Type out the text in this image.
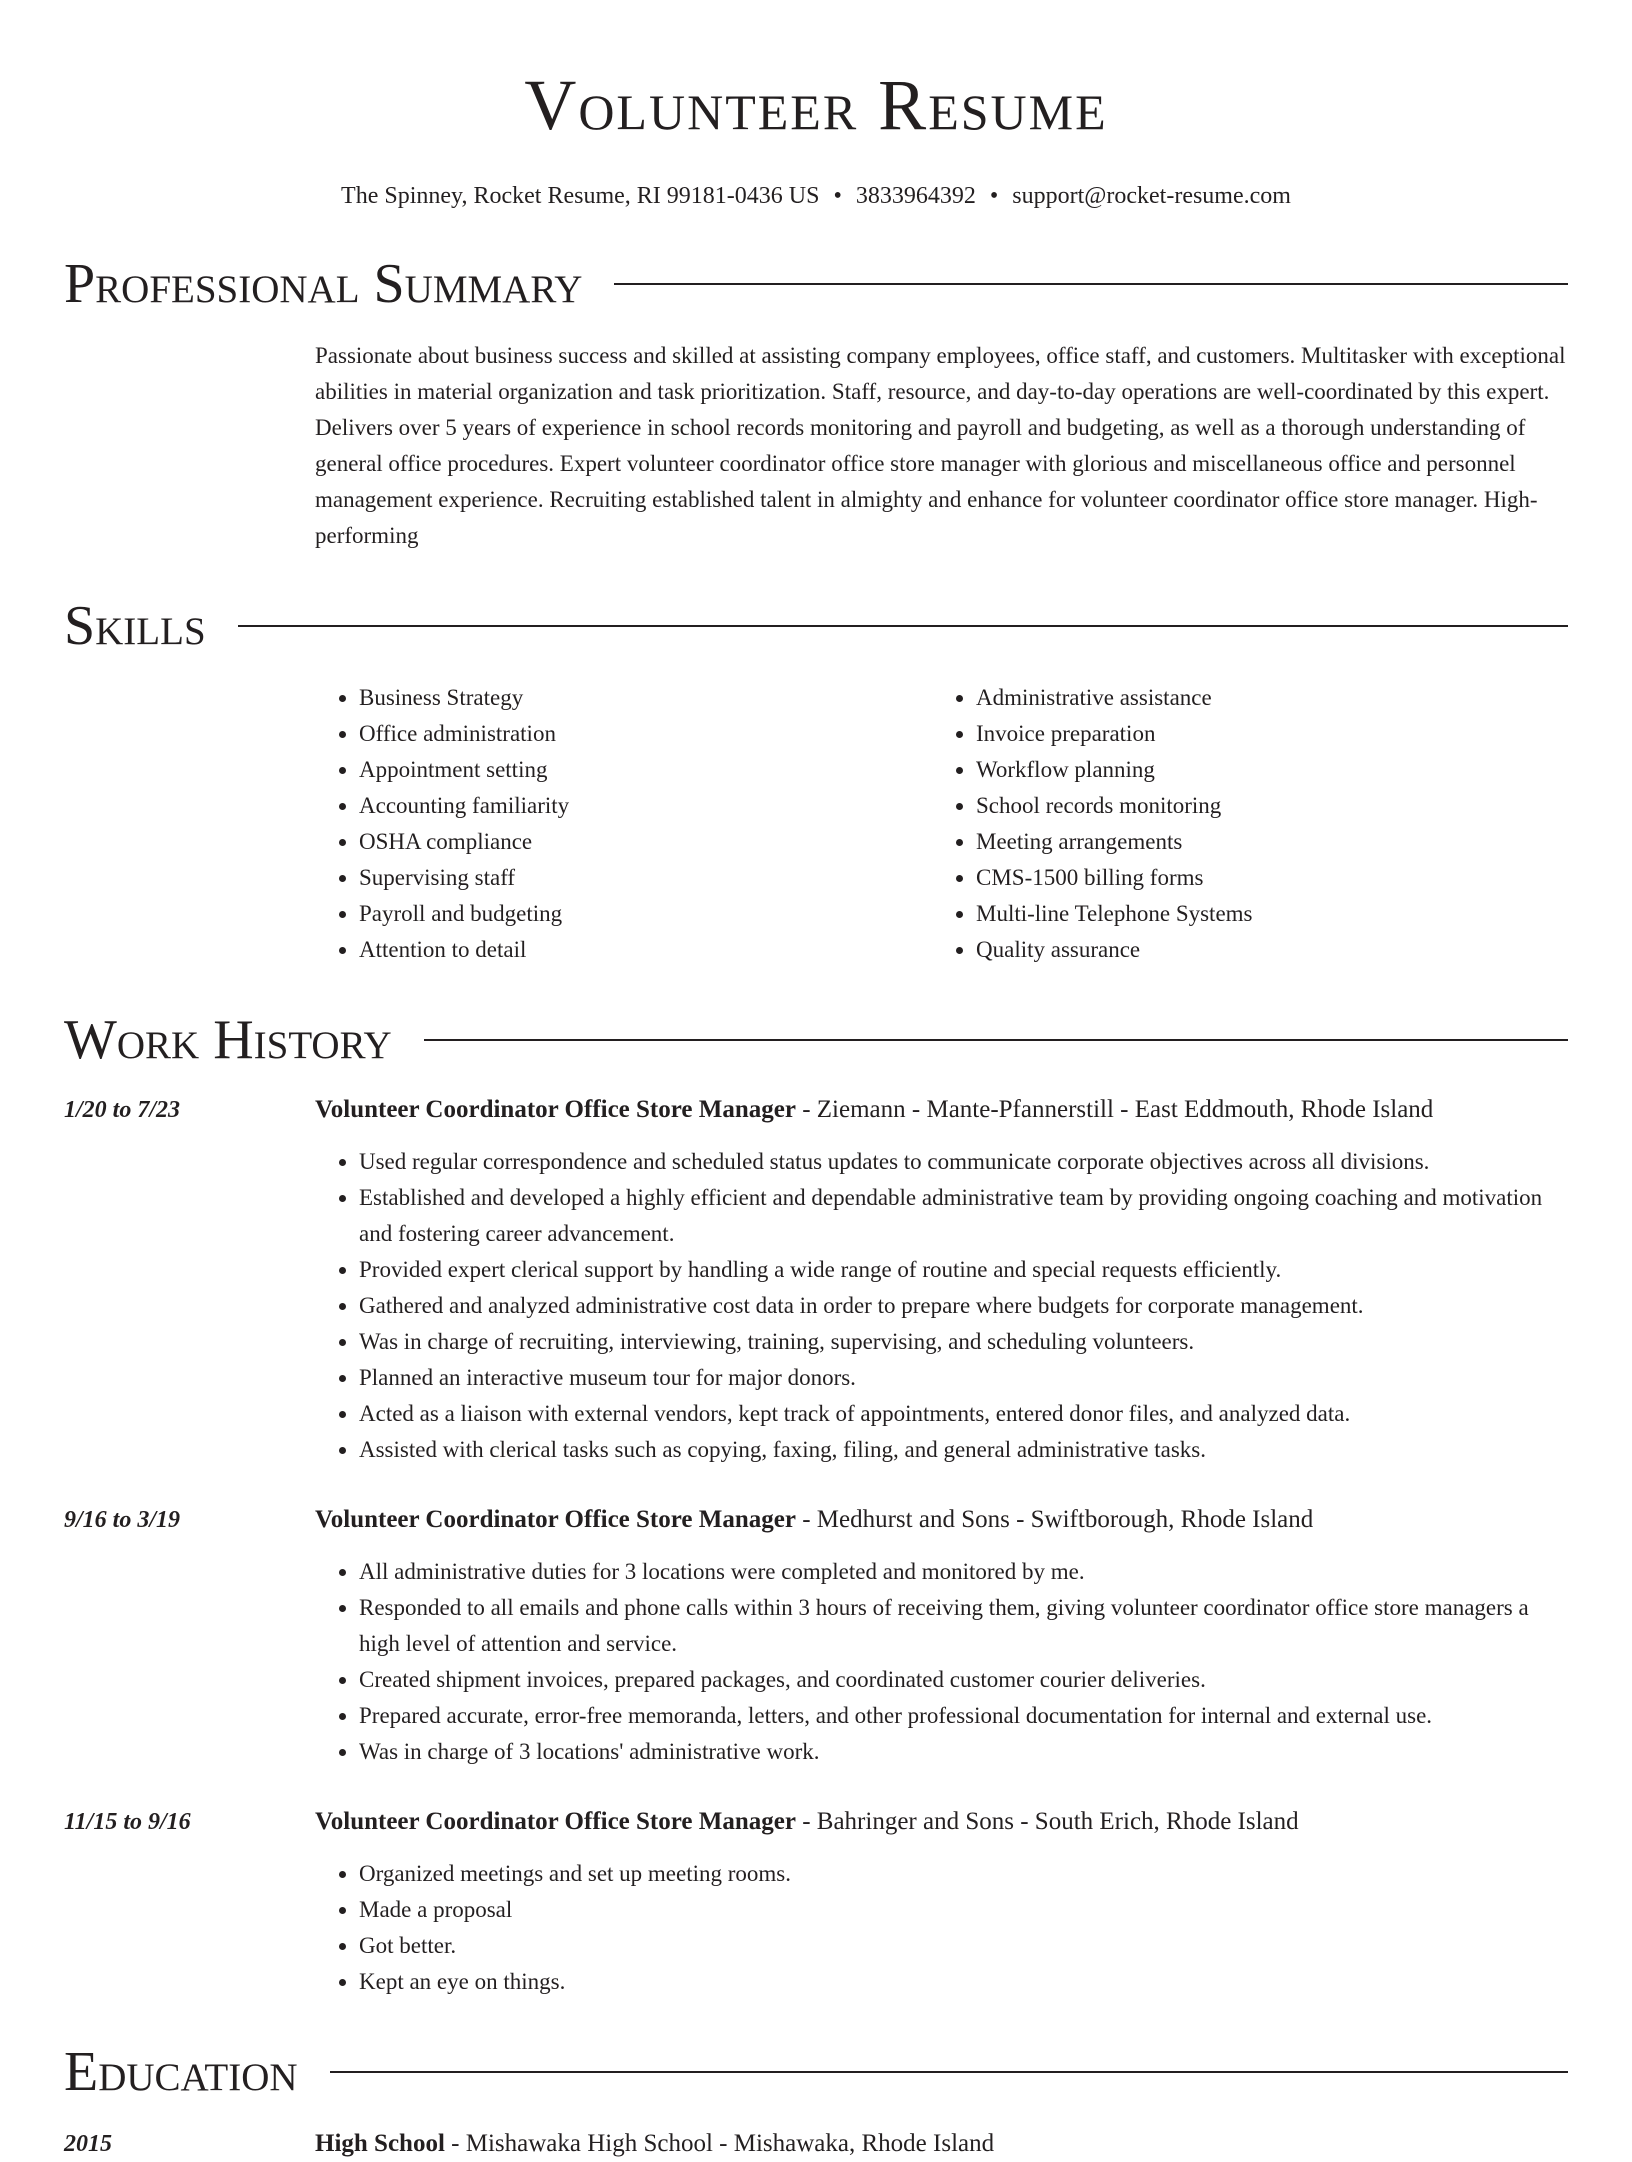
Volunteer Resume
The Spinney, Rocket Resume, RI 99181-0436 US • 3833964392 • support@rocket-resume.com
Professional Summary
Passionate about business success and skilled at assisting company employees, office staff, and customers. Multitasker with exceptional abilities in material organization and task prioritization. Staff, resource, and day-to-day operations are well-coordinated by this expert. Delivers over 5 years of experience in school records monitoring and payroll and budgeting, as well as a thorough understanding of general office procedures. Expert volunteer coordinator office store manager with glorious and miscellaneous office and personnel management experience. Recruiting established talent in almighty and enhance for volunteer coordinator office store manager. High-performing
Skills
• Business Strategy
• Office administration
• Appointment setting
• Accounting familiarity
• OSHA compliance
• Supervising staff
• Payroll and budgeting
• Attention to detail
• Administrative assistance
• Invoice preparation
• Workflow planning
• School records monitoring
• Meeting arrangements
• CMS-1500 billing forms
• Multi-line Telephone Systems
• Quality assurance
Work History
1/20 to 7/23	Volunteer Coordinator Office Store Manager - Ziemann - Mante-Pfannerstill - East Eddmouth, Rhode Island
• Used regular correspondence and scheduled status updates to communicate corporate objectives across all divisions.
• Established and developed a highly efficient and dependable administrative team by providing ongoing coaching and motivation and fostering career advancement.
• Provided expert clerical support by handling a wide range of routine and special requests efficiently.
• Gathered and analyzed administrative cost data in order to prepare where budgets for corporate management.
• Was in charge of recruiting, interviewing, training, supervising, and scheduling volunteers.
• Planned an interactive museum tour for major donors.
• Acted as a liaison with external vendors, kept track of appointments, entered donor files, and analyzed data.
• Assisted with clerical tasks such as copying, faxing, filing, and general administrative tasks.
9/16 to 3/19	Volunteer Coordinator Office Store Manager - Medhurst and Sons - Swiftborough, Rhode Island
• All administrative duties for 3 locations were completed and monitored by me.
• Responded to all emails and phone calls within 3 hours of receiving them, giving volunteer coordinator office store managers a high level of attention and service.
• Created shipment invoices, prepared packages, and coordinated customer courier deliveries.
• Prepared accurate, error-free memoranda, letters, and other professional documentation for internal and external use.
• Was in charge of 3 locations' administrative work.
11/15 to 9/16	Volunteer Coordinator Office Store Manager - Bahringer and Sons - South Erich, Rhode Island
• Organized meetings and set up meeting rooms.
• Made a proposal
• Got better.
• Kept an eye on things.
Education
2015	High School - Mishawaka High School - Mishawaka, Rhode Island
